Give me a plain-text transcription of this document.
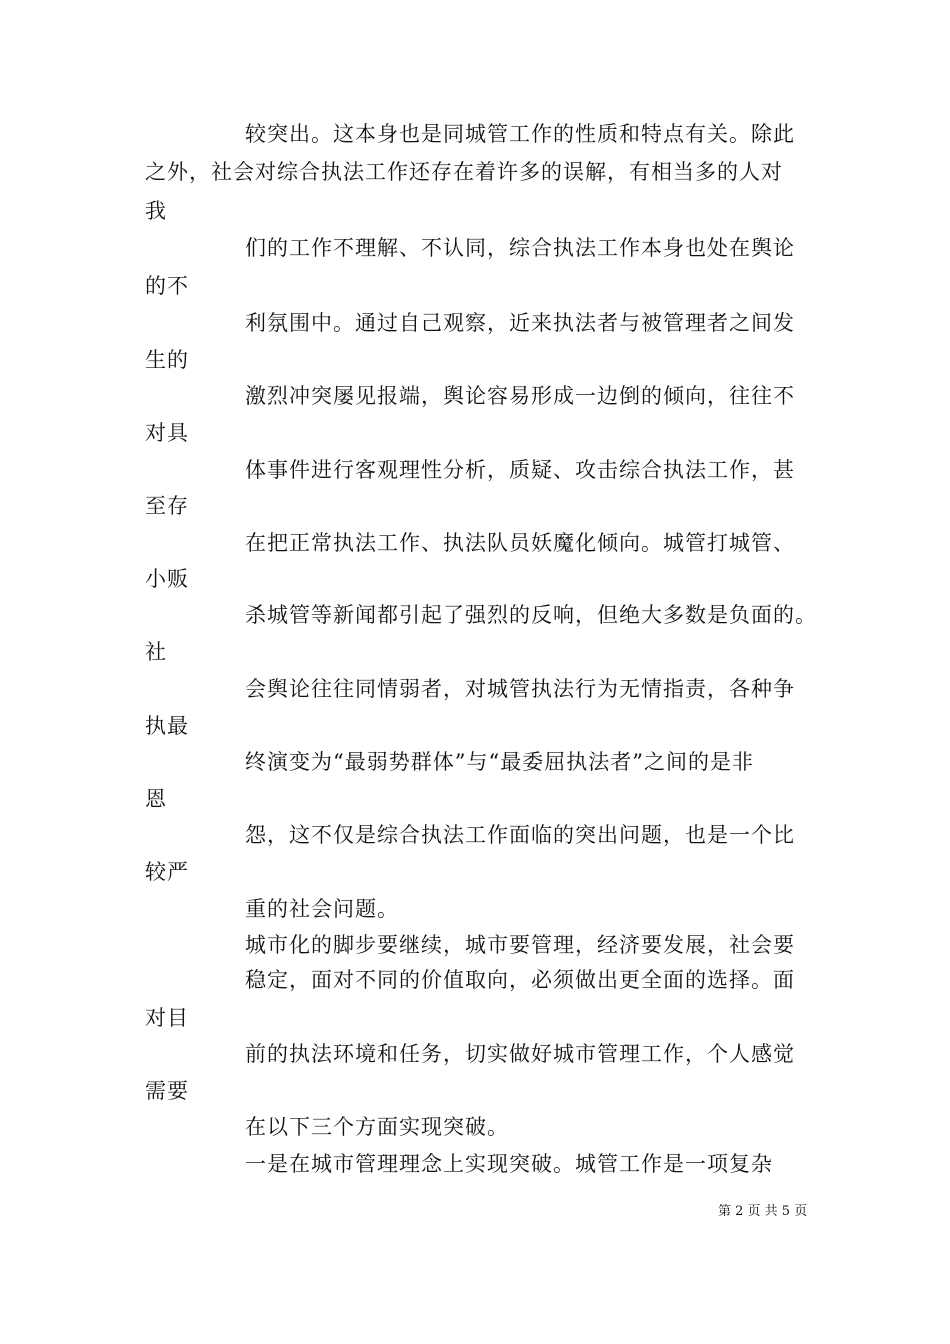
较突出。这本身也是同城管工作的性质和特点有关。除此
之外，社会对综合执法工作还存在着许多的误解，有相当多的人对
我
们的工作不理解、不认同，综合执法工作本身也处在舆论
的不
利氛围中。通过自己观察，近来执法者与被管理者之间发
生的
激烈冲突屡见报端，舆论容易形成一边倒的倾向，往往不
对具
体事件进行客观理性分析，质疑、攻击综合执法工作，甚
至存
在把正常执法工作、执法队员妖魔化倾向。城管打城管、
小贩
杀城管等新闻都引起了强烈的反响，但绝大多数是负面的。
社
会舆论往往同情弱者，对城管执法行为无情指责，各种争
执最
终演变为“最弱势群体”与“最委屈执法者”之间的是非
恩
怨，这不仅是综合执法工作面临的突出问题，也是一个比
较严
重的社会问题。
城市化的脚步要继续，城市要管理，经济要发展，社会要
稳定，面对不同的价值取向，必须做出更全面的选择。面
对目
前的执法环境和任务，切实做好城市管理工作，个人感觉
需要
在以下三个方面实现突破。
一是在城市管理理念上实现突破。城管工作是一项复杂
第 2 页 共 5 页
